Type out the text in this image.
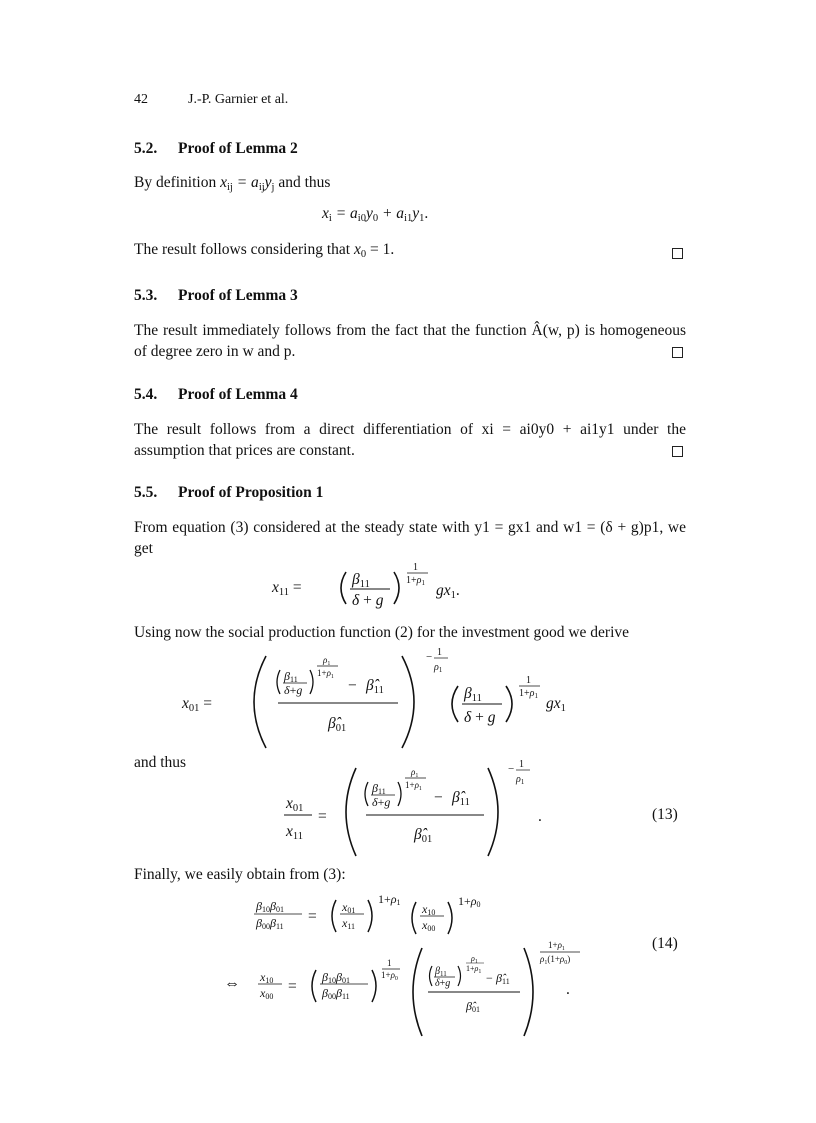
42	J.-P. Garnier et al.
5.2. Proof of Lemma 2
By definition $x_{ij} = a_{ij}y_j$ and thus
$x_i = a_{i0}y_0 + a_{i1}y_1$.
The result follows considering that $x_0 = 1$.
5.3. Proof of Lemma 3
The result immediately follows from the fact that the function Â(w, p) is homogeneous of degree zero in w and p.
5.4. Proof of Lemma 4
The result follows from a direct differentiation of xi = ai0y0 + ai1y1 under the assumption that prices are constant.
5.5. Proof of Proposition 1
From equation (3) considered at the steady state with y1 = gx1 and w1 = (δ + g)p1, we get
x11 =	β11
δ + g
1
$1+\rho_1$ gx1.
Using now the social production function (2) for the investment good we derive
x01 =
β11
δ+g
$\rho_1$
$1+\rho_1$ − β̂11
β̂01
− 1
$\rho_1$
β11
δ + g
1
$1+\rho_1$ gx1
and thus
x01
x11
=
β11
δ+g
$\rho_1$
$1+\rho_1$ − β̂11
β̂01
− 1
$\rho_1$
.	(13)
Finally, we easily obtain from (3):
β10β01
β00β11
=
x01
x11
1+ρ1 x10
x00
1+ρ0
⇔ x10
x00
=
β10β01
β00β11
1
$1+\rho_0$
$\beta_{11}$
δ+g
$\rho_1$
$1+\rho_1$ − β̂11
β̂01
$1+\rho_1$
$\rho_1(1+\rho_0)$
.
(14)
